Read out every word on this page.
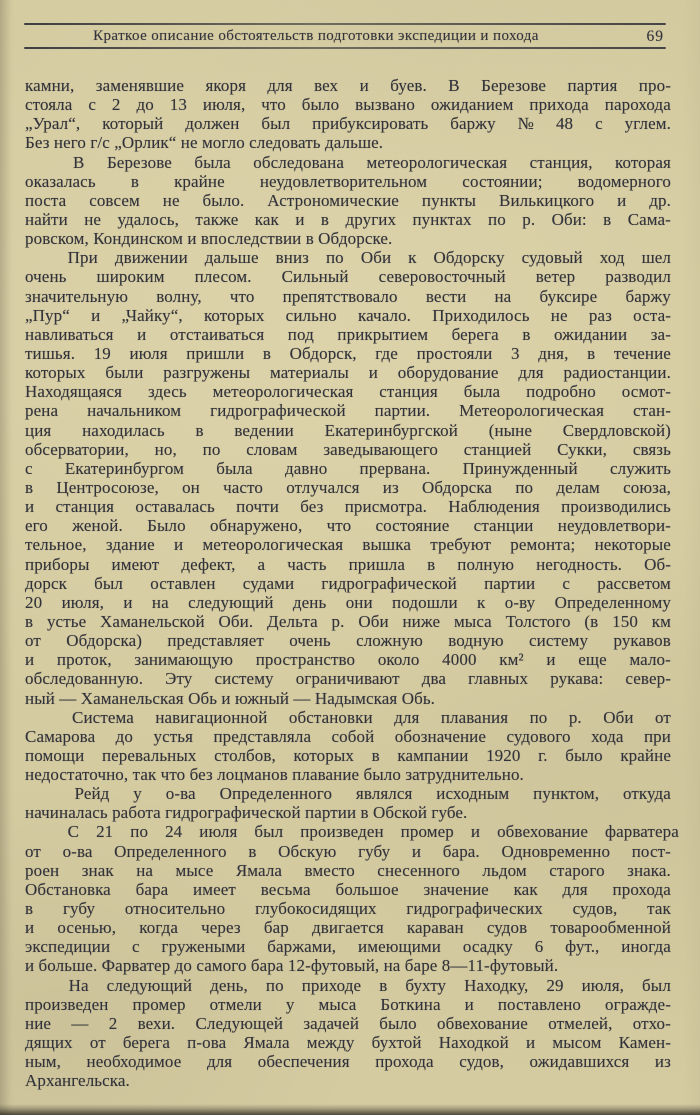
Краткое описание обстоятельств подготовки экспедиции и похода	69

камни, заменявшие якоря для вех и буев. В Березове партия про-
стояла с 2 до 13 июля, что было вызвано ожиданием прихода парохода
„Урал“, который должен был прибуксировать баржу № 48 с углем.
Без него г/с „Орлик“ не могло следовать дальше.

В	Березове	была	обследована	метеорологическая	станция,	которая
оказалась в крайне неудовлетворительном состоянии; водомерного
поста совсем не было. Астрономические пункты Вилькицкого и др.
найти не удалось, также как и в других пунктах по р. Оби: в Сама-
ровском, Кондинском и впоследствии в Обдорске.

При	движении	дальше	вниз	по	Оби	к	Обдорску	судовый	ход	шел
очень широким плесом. Сильный северовосточный ветер разводил
значительную волну, что препятствовало вести на буксире баржу
„Пур“ и „Чайку“, которых сильно качало. Приходилось не раз оста-
навливаться и отстаиваться под прикрытием берега в ожидании за-
тишья. 19 июля пришли в Обдорск, где простояли 3 дня, в течение
которых были разгружены материалы и оборудование для радиостанции.
Находящаяся здесь метеорологическая станция была подробно осмот-
рена начальником гидрографической партии. Метеорологическая стан-
ция находилась в ведении Екатеринбургской (ныне Свердловской)
обсерватории, но, по словам заведывающего станцией Сукки, связь
с Екатеринбургом была давно прервана. Принужденный служить
в Центросоюзе, он часто отлучался из Обдорска по делам союза,
и станция оставалась почти без присмотра. Наблюдения производились
его женой. Было обнаружено, что состояние станции неудовлетвори-
тельное, здание и метеорологическая вышка требуют ремонта; некоторые
приборы имеют дефект, а часть пришла в полную негодность. Об-
дорск был оставлен судами гидрографической партии с рассветом
20 июля, и на следующий день они подошли к о-ву Определенному
в устье Хаманельской Оби. Дельта р. Оби ниже мыса Толстого (в 150 км
от Обдорска) представляет очень сложную водную систему рукавов
и проток, занимающую пространство около 4000 км² и еще мало-
обследованную. Эту систему ограничивают два главных рукава: север-
ный — Хаманельская Обь и южный — Надымская Обь.

Система	навигационной	обстановки	для	плавания	по	р.	Оби	от
Самарова до устья представляла собой обозначение судового хода при
помощи перевальных столбов, которых в кампании 1920 г. было крайне
недостаточно, так что без лоцманов плавание было затруднительно.

Рейд	у	о-ва	Определенного	являлся	исходным	пунктом,	откуда
начиналась работа гидрографической партии в Обской губе.

С	21	по	24	июля	был	произведен	промер	и	обвехование	фарватера
от о-ва Определенного в Обскую губу и бара. Одновременно пост-
роен знак на мысе Ямала вместо снесенного льдом старого знака.
Обстановка бара имеет весьма большое значение как для прохода
в губу относительно глубокосидящих гидрографических судов, так
и осенью, когда через бар двигается караван судов товарообменной
экспедиции с гружеными баржами, имеющими осадку 6 фут., иногда
и больше. Фарватер до самого бара 12-футовый, на баре 8—11-футовый.

На	следующий	день,	по	приходе	в	бухту	Находку,	29	июля,	был
произведен промер отмели у мыса Боткина и поставлено огражде-
ние — 2 вехи. Следующей задачей было обвехование отмелей, отхо-
дящих от берега п-ова Ямала между бухтой Находкой и мысом Камен-
ным, необходимое для обеспечения прохода судов, ожидавшихся из
Архангельска.
